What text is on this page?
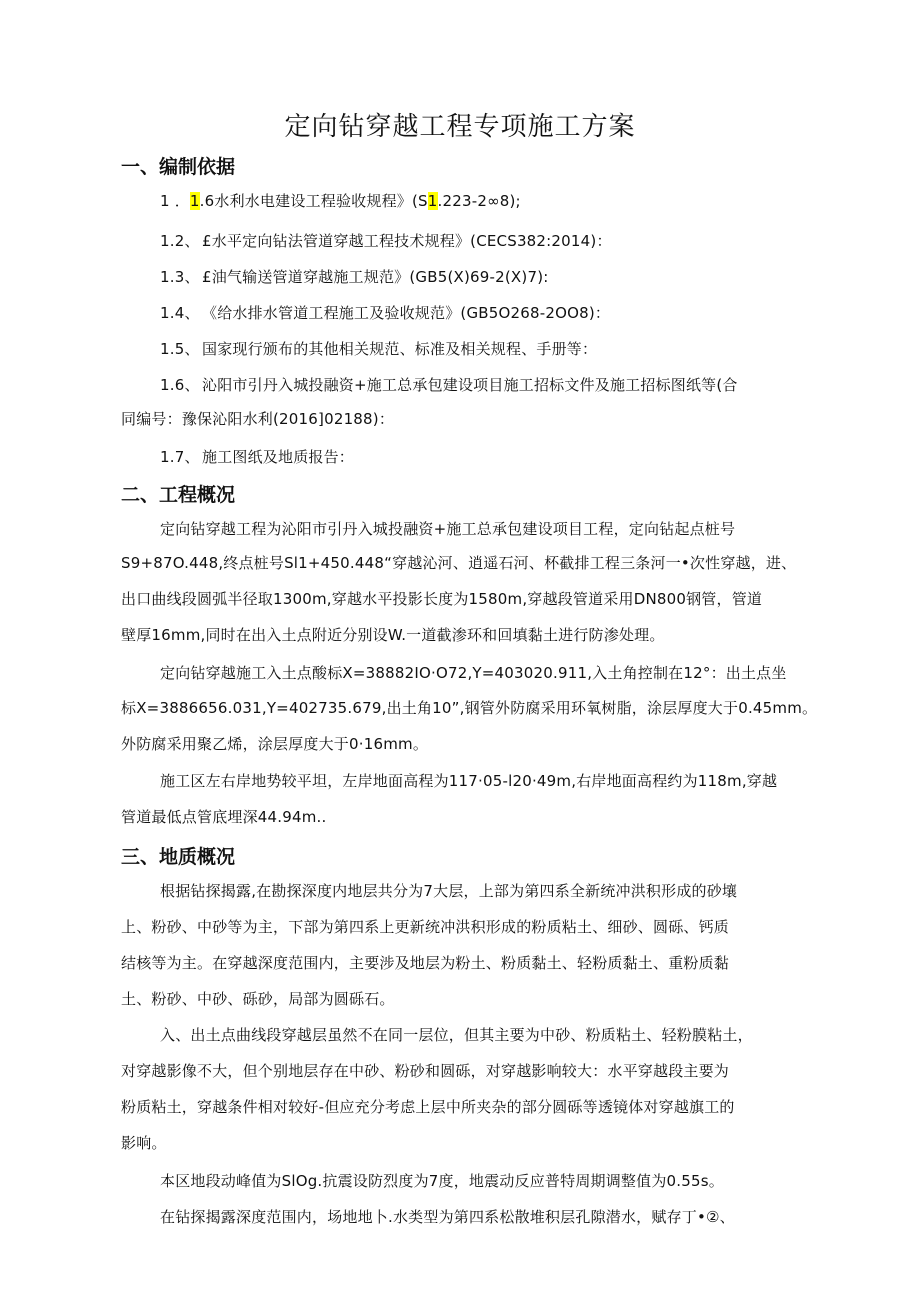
定向钻穿越工程专项施工方案
一、编制依据
1 ．1.6水利水电建设工程验收规程》(S1.223-2∞8);
1.2、 £水平定向钻法管道穿越工程技术规程》(CECS382:2014)：
1.3、 £油气输送管道穿越施工规范》(GB5(X)69-2(X)7):
1.4、 《给水排水管道工程施工及验收规范》(GB5O268-2OO8)：
1.5、 国家现行颁布的其他相关规范、标准及相关规程、手册等：
1.6、 沁阳市引丹入城投融资+施工总承包建设项目施工招标文件及施工招标图纸等(合
同编号：豫保沁阳水利(2016]02188)：
1.7、 施工图纸及地质报告：
二、工程概况
定向钻穿越工程为沁阳市引丹入城投融资+施工总承包建设项目工程，定向钻起点桩号
S9+87O.448,终点桩号Sl1+450.448“穿越沁河、逍遥石河、杯截排工程三条河一•次性穿越，进、
出口曲线段圆弧半径取1300m,穿越水平投影长度为1580m,穿越段管道采用DN800钢管，管道
壁厚16mm,同时在出入土点附近分别设W.一道截渗环和回填黏土进行防渗处理。
定向钻穿越施工入土点酸标X=38882IO·O72,Y=403020.911,入土角控制在12°：出土点坐
标X=3886656.031,Y=402735.679,出土角10”,钢管外防腐采用环氧树脂，涂层厚度大于0.45mm。
外防腐采用聚乙烯，涂层厚度大于0·16mm。
施工区左右岸地势较平坦，左岸地面高程为117·05-l20·49m,右岸地面高程约为118m,穿越
管道最低点管底埋深44.94m..
三、地质概况
根据钻探揭露,在勘探深度内地层共分为7大层，上部为第四系全新统冲洪积形成的砂壤
上、粉砂、中砂等为主，下部为第四系上更新统冲洪积形成的粉质粘土、细砂、圆砾、钙质
结核等为主。在穿越深度范围内，主要涉及地层为粉土、粉质黏土、轻粉质黏土、重粉质黏
土、粉砂、中砂、砾砂，局部为圆砾石。
入、出土点曲线段穿越层虽然不在同一层位，但其主要为中砂、粉质粘土、轻粉膜粘土，
对穿越影像不大，但个别地层存在中砂、粉砂和圆砾，对穿越影响较大：水平穿越段主要为
粉质粘土，穿越条件相对较好-但应充分考虑上层中所夹杂的部分圆砾等透镜体对穿越旗工的
影响。
本区地段动峰值为SlOg.抗震设防烈度为7度，地震动反应普特周期调整值为0.55s。
在钻探揭露深度范围内，场地地卜.水类型为第四系松散堆积层孔隙潜水，赋存丁•②、
